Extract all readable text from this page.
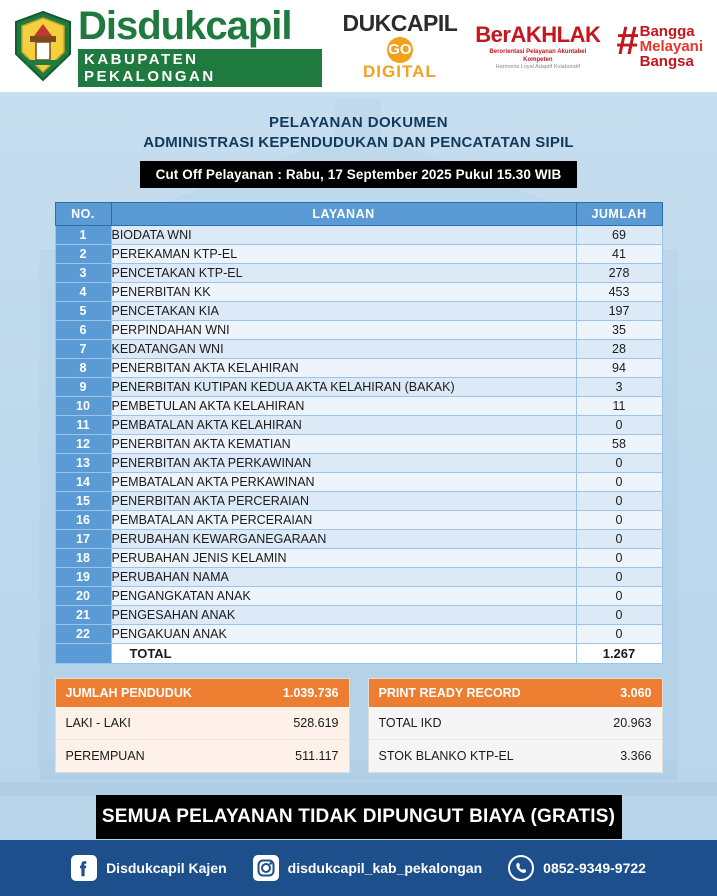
Disdukcapil
KABUPATEN PEKALONGAN
DUKCAPIL
GO
DIGITAL
BerAKHLAK
Berorientasi Pelayanan Akuntabel Kompeten
Harmonis Loyal Adaptif Kolaboratif
# Bangga
Melayani
Bangsa
PELAYANAN DOKUMEN
ADMINISTRASI KEPENDUDUKAN DAN PENCATATAN SIPIL
Cut Off Pelayanan : Rabu, 17 September 2025 Pukul 15.30 WIB
NO.	LAYANAN	JUMLAH
1	BIODATA WNI	69
2	PEREKAMAN KTP-EL	41
3	PENCETAKAN KTP-EL	278
4	PENERBITAN KK	453
5	PENCETAKAN KIA	197
6	PERPINDAHAN WNI	35
7	KEDATANGAN WNI	28
8	PENERBITAN AKTA KELAHIRAN	94
9	PENERBITAN KUTIPAN KEDUA AKTA KELAHIRAN (BAKAK)	3
10	PEMBETULAN AKTA KELAHIRAN	11
11	PEMBATALAN AKTA KELAHIRAN	0
12	PENERBITAN AKTA KEMATIAN	58
13	PENERBITAN AKTA PERKAWINAN	0
14	PEMBATALAN AKTA PERKAWINAN	0
15	PENERBITAN AKTA PERCERAIAN	0
16	PEMBATALAN AKTA PERCERAIAN	0
17	PERUBAHAN KEWARGANEGARAAN	0
18	PERUBAHAN JENIS KELAMIN	0
19	PERUBAHAN NAMA	0
20	PENGANGKATAN ANAK	0
21	PENGESAHAN ANAK	0
22	PENGAKUAN ANAK	0
	TOTAL	1.267
JUMLAH PENDUDUK	1.039.736
LAKI - LAKI	528.619
PEREMPUAN	511.117
PRINT READY RECORD	3.060
TOTAL IKD	20.963
STOK BLANKO KTP-EL	3.366
SEMUA PELAYANAN TIDAK DIPUNGUT BIAYA (GRATIS)
Disdukcapil Kajen	disdukcapil_kab_pekalongan	0852-9349-9722
